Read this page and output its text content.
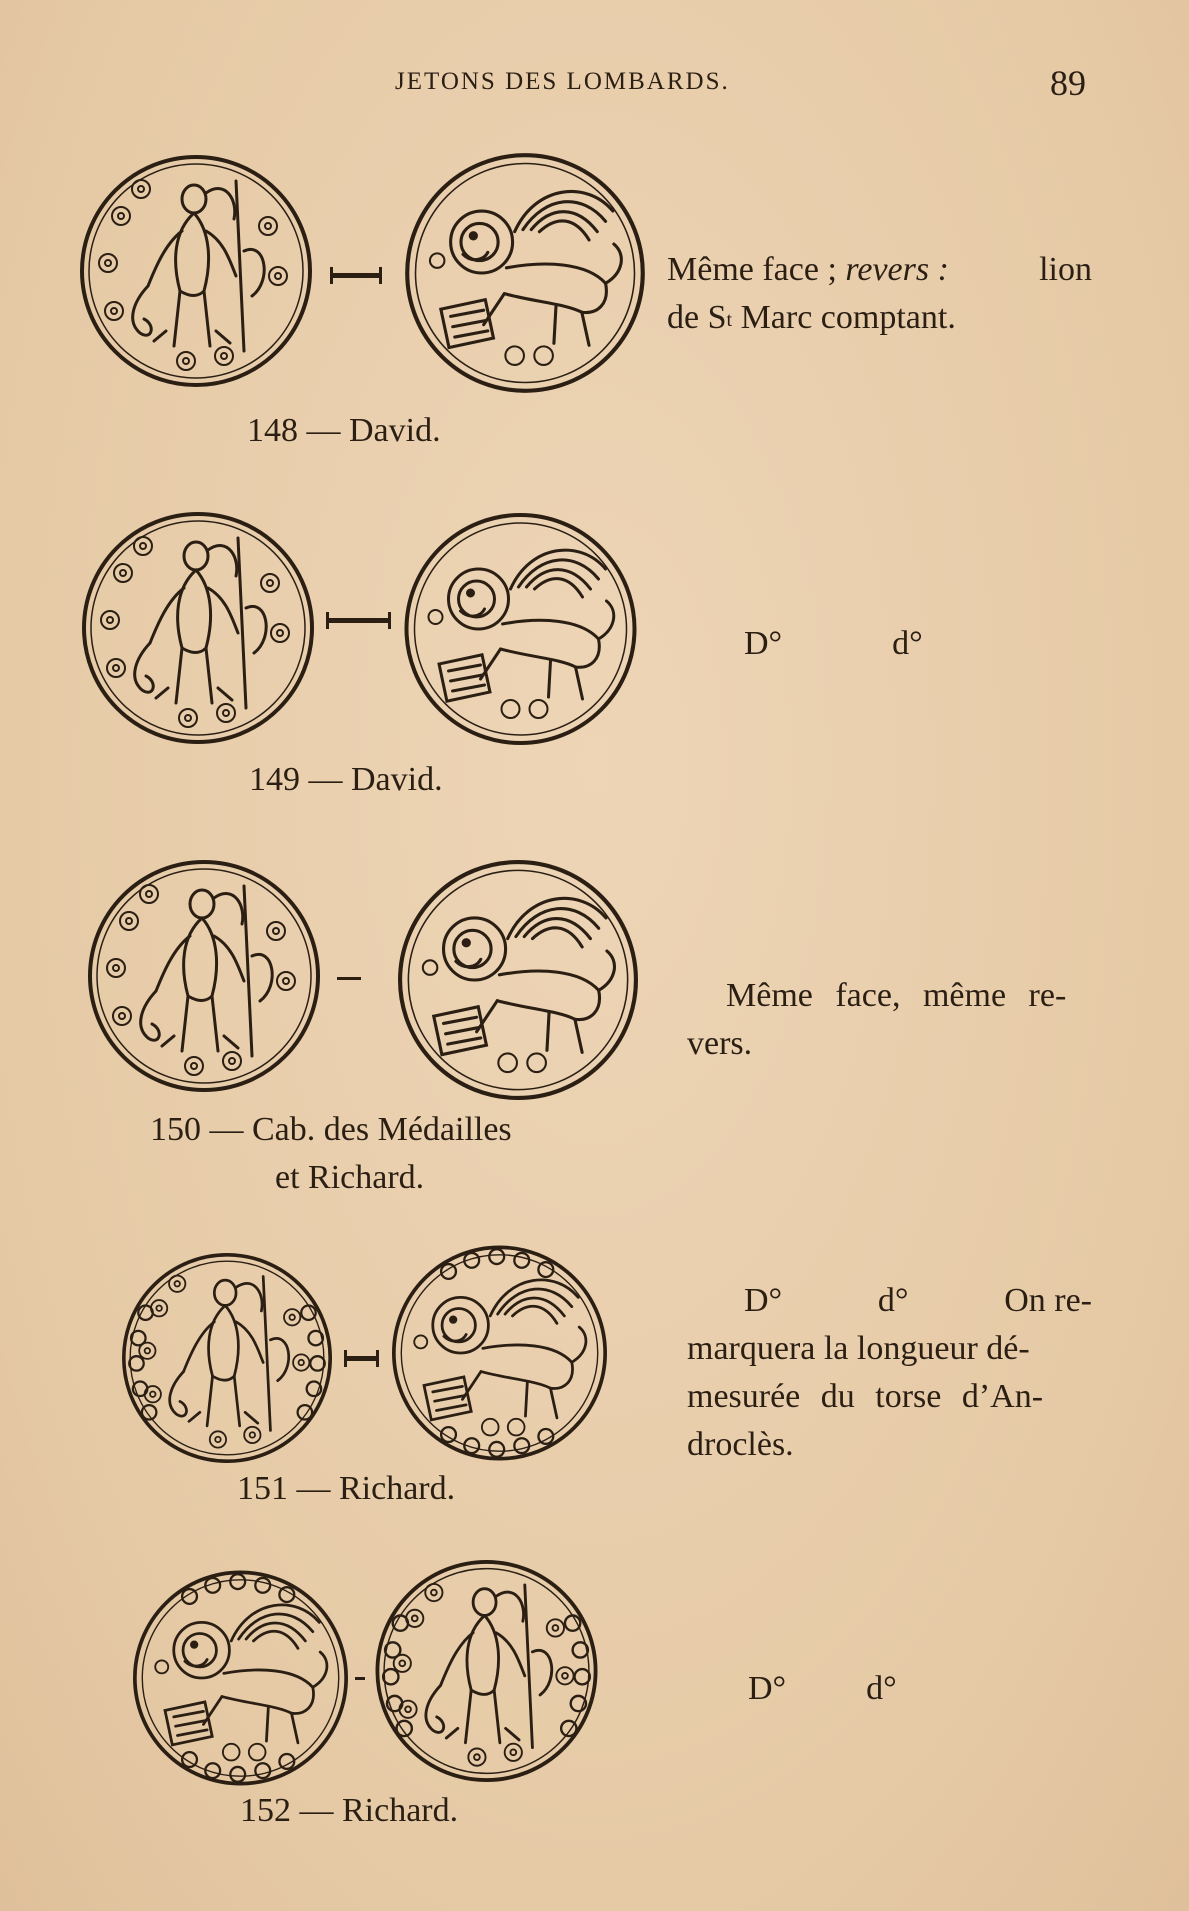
JETONS DES LOMBARDS.	89
148 — David.
Même face ; revers :	lion
de $S^t$ Marc comptant.
149 — David.
D°	d°
150 — Cab. des Médailles
et Richard.
Même face, même re-
vers.
151 — Richard.
D°	d°	On re-
marquera la longueur dé-
mesurée du torse d’An-
droclès.
152 — Richard.
D° d°
